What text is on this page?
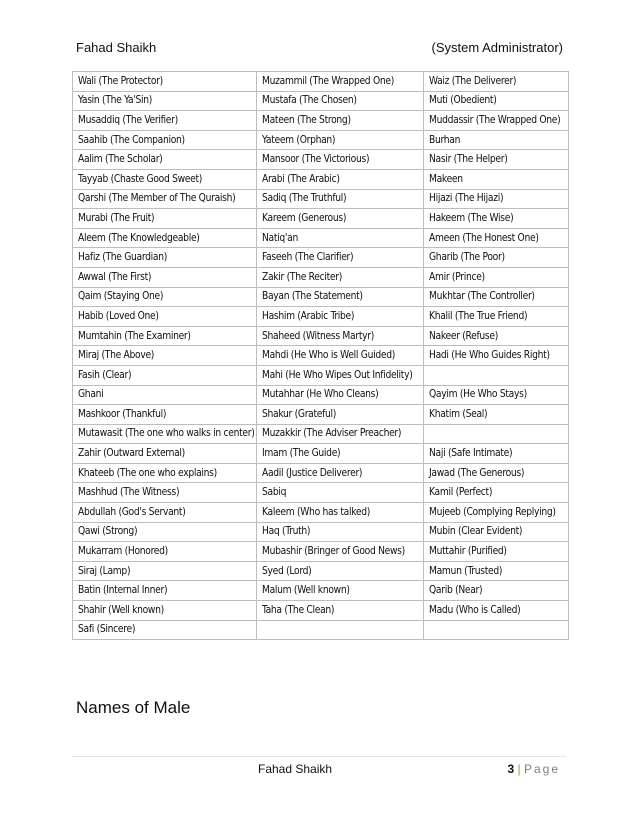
Fahad Shaikh	(System Administrator)
Wali (The Protector)	Muzammil (The Wrapped One)	Waiz (The Deliverer)
Yasin (The Ya'Sin)	Mustafa (The Chosen)	Muti (Obedient)
Musaddiq (The Verifier)	Mateen (The Strong)	Muddassir (The Wrapped One)
Saahib (The Companion)	Yateem (Orphan)	Burhan
Aalim (The Scholar)	Mansoor (The Victorious)	Nasir (The Helper)
Tayyab (Chaste Good Sweet)	Arabi (The Arabic)	Makeen
Qarshi (The Member of The Quraish)	Sadiq (The Truthful)	Hijazi (The Hijazi)
Murabi (The Fruit)	Kareem (Generous)	Hakeem (The Wise)
Aleem (The Knowledgeable)	Natiq'an	Ameen (The Honest One)
Hafiz (The Guardian)	Faseeh (The Clarifier)	Gharib (The Poor)
Awwal (The First)	Zakir (The Reciter)	Amir (Prince)
Qaim (Staying One)	Bayan (The Statement)	Mukhtar (The Controller)
Habib (Loved One)	Hashim (Arabic Tribe)	Khalil (The True Friend)
Mumtahin (The Examiner)	Shaheed (Witness Martyr)	Nakeer (Refuse)
Miraj (The Above)	Mahdi (He Who is Well Guided)	Hadi (He Who Guides Right)
Fasih (Clear)	Mahi (He Who Wipes Out Infidelity)	
Ghani	Mutahhar (He Who Cleans)	Qayim (He Who Stays)
Mashkoor (Thankful)	Shakur (Grateful)	Khatim (Seal)
Mutawasit (The one who walks in center)	Muzakkir (The Adviser Preacher)	
Zahir (Outward External)	Imam (The Guide)	Naji (Safe Intimate)
Khateeb (The one who explains)	Aadil (Justice Deliverer)	Jawad (The Generous)
Mashhud (The Witness)	Sabiq	Kamil (Perfect)
Abdullah (God's Servant)	Kaleem (Who has talked)	Mujeeb (Complying Replying)
Qawi (Strong)	Haq (Truth)	Mubin (Clear Evident)
Mukarram (Honored)	Mubashir (Bringer of Good News)	Muttahir (Purified)
Siraj (Lamp)	Syed (Lord)	Mamun (Trusted)
Batin (Internal Inner)	Malum (Well known)	Qarib (Near)
Shahir (Well known)	Taha (The Clean)	Madu (Who is Called)
Safi (Sincere)		
Names of Male
Fahad Shaikh	3 | Page
